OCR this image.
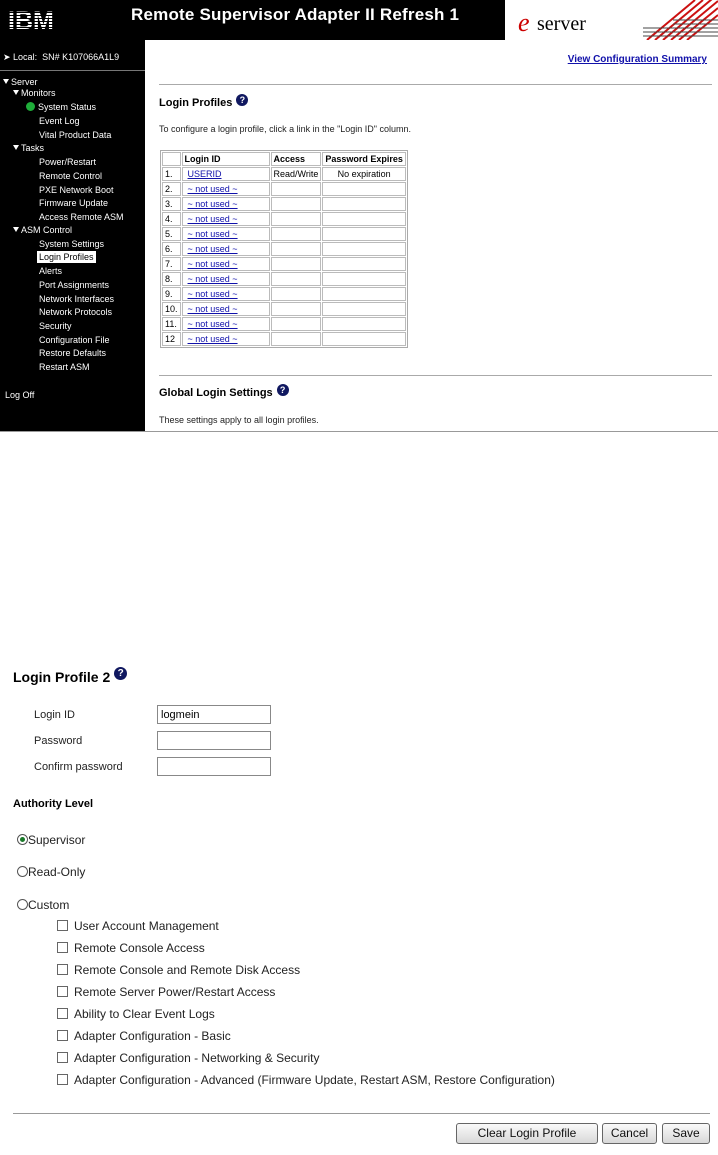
IBM	Remote Supervisor Adapter II Refresh 1 e server
➤ Local: SN# K107066A1L9
Server
Monitors
System Status
Event Log
Vital Product Data
Tasks
Power/Restart
Remote Control
PXE Network Boot
Firmware Update
Access Remote ASM
ASM Control
System Settings
Login Profiles
Alerts
Port Assignments
Network Interfaces
Network Protocols
Security
Configuration File
Restore Defaults
Restart ASM
Log Off
View Configuration Summary
Login Profiles ?
To configure a login profile, click a link in the "Login ID" column.
	Login ID	Access	Password Expires
1.	USERID	Read/Write	No expiration
2.	~ not used ~		
3.	~ not used ~		
4.	~ not used ~		
5.	~ not used ~		
6.	~ not used ~		
7.	~ not used ~		
8.	~ not used ~		
9.	~ not used ~		
10.	~ not used ~		
11.	~ not used ~		
12	~ not used ~		
Global Login Settings ?
These settings apply to all login profiles.
Login Profile 2 ?
Login ID
logmein
Password
Confirm password
Authority Level
Supervisor
Read-Only
Custom
User Account Management
Remote Console Access
Remote Console and Remote Disk Access
Remote Server Power/Restart Access
Ability to Clear Event Logs
Adapter Configuration - Basic
Adapter Configuration - Networking & Security
Adapter Configuration - Advanced (Firmware Update, Restart ASM, Restore Configuration)
Clear Login Profile	Cancel	Save
